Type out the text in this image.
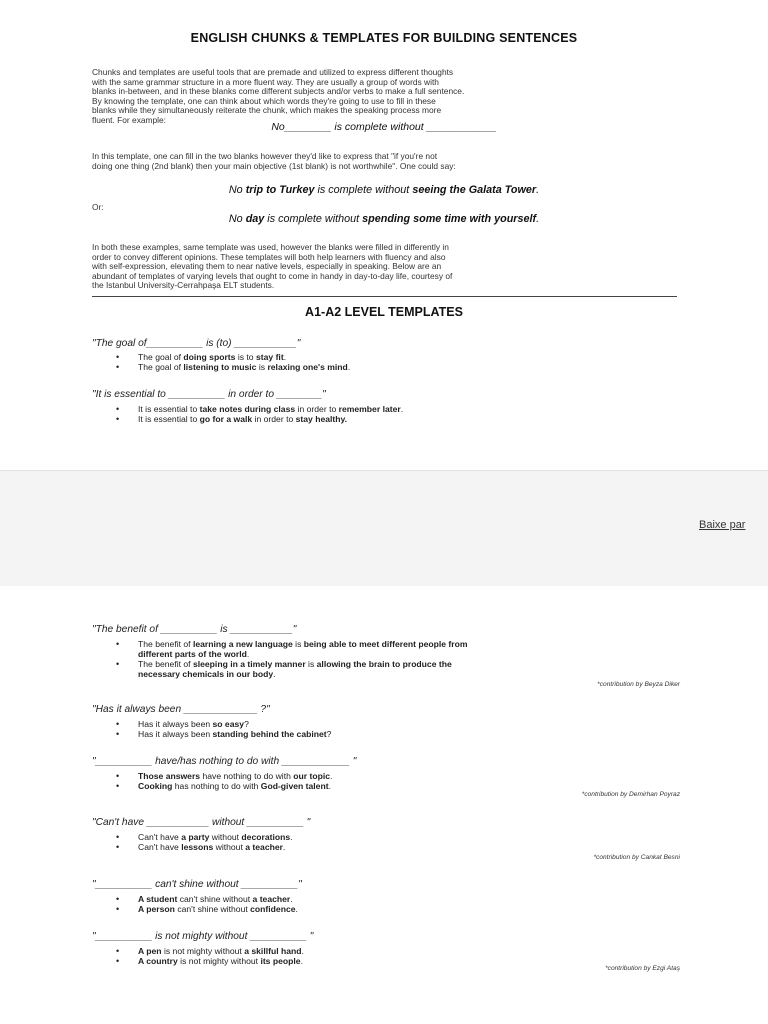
ENGLISH CHUNKS & TEMPLATES FOR BUILDING SENTENCES
Chunks and templates are useful tools that are premade and utilized to express different thoughts
with the same grammar structure in a more fluent way. They are usually a group of words with
blanks in-between, and in these blanks come different subjects and/or verbs to make a full sentence.
By knowing the template, one can think about which words they're going to use to fill in these
blanks while they simultaneously reiterate the chunk, which makes the speaking process more
fluent. For example:
No________ is complete without ____________
In this template, one can fill in the two blanks however they'd like to express that "if you're not
doing one thing (2nd blank) then your main objective (1st blank) is not worthwhile". One could say:
No trip to Turkey is complete without seeing the Galata Tower.
Or:
No day is complete without spending some time with yourself.
In both these examples, same template was used, however the blanks were filled in differently in
order to convey different opinions. These templates will both help learners with fluency and also
with self-expression, elevating them to near native levels, especially in speaking. Below are an
abundant of templates of varying levels that ought to come in handy in day-to-day life, courtesy of
the Istanbul University-Cerrahpaşa ELT students.
A1-A2 LEVEL TEMPLATES
"The goal of__________ is (to) ___________"
• The goal of doing sports is to stay fit.
• The goal of listening to music is relaxing one's mind.
"It is essential to __________ in order to ________"
• It is essential to take notes during class in order to remember later.
• It is essential to go for a walk in order to stay healthy.
Baixe par
"The benefit of __________ is ___________"
• The benefit of learning a new language is being able to meet different people from
different parts of the world.
• The benefit of sleeping in a timely manner is allowing the brain to produce the
necessary chemicals in our body.
*contribution by Beyza Diker
"Has it always been _____________ ?"
• Has it always been so easy?
• Has it always been standing behind the cabinet?
"__________ have/has nothing to do with ____________ "
• Those answers have nothing to do with our topic.
• Cooking has nothing to do with God-given talent.
*contribution by Demirhan Poyraz
"Can't have ___________ without __________ "
• Can't have a party without decorations.
• Can't have lessons without a teacher.
*contribution by Cankat Besni
"__________ can't shine without __________"
• A student can't shine without a teacher.
• A person can't shine without confidence.
"__________ is not mighty without __________ "
• A pen is not mighty without a skillful hand.
• A country is not mighty without its people.
*contribution by Ezgi Ataş
